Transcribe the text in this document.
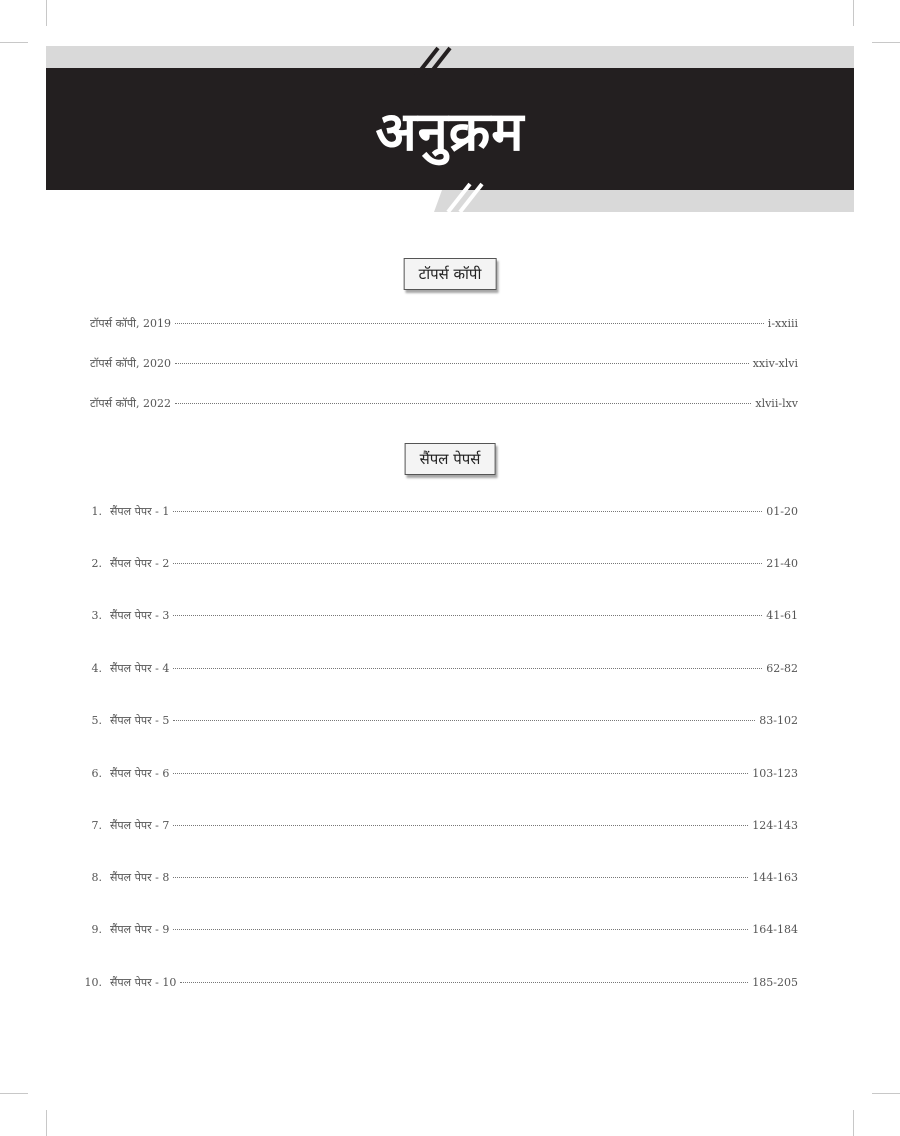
अनुक्रम
टॉपर्स कॉपी
टॉपर्स कॉपी, 2019	i-xxiii
टॉपर्स कॉपी, 2020	xxiv-xlvi
टॉपर्स कॉपी, 2022	xlvii-lxv
सैंपल पेपर्स
1. सैंपल पेपर - 1	01-20
2. सैंपल पेपर - 2	21-40
3. सैंपल पेपर - 3	41-61
4. सैंपल पेपर - 4	62-82
5. सैंपल पेपर - 5	83-102
6. सैंपल पेपर - 6	103-123
7. सैंपल पेपर - 7	124-143
8. सैंपल पेपर - 8	144-163
9. सैंपल पेपर - 9	164-184
10. सैंपल पेपर - 10	185-205
